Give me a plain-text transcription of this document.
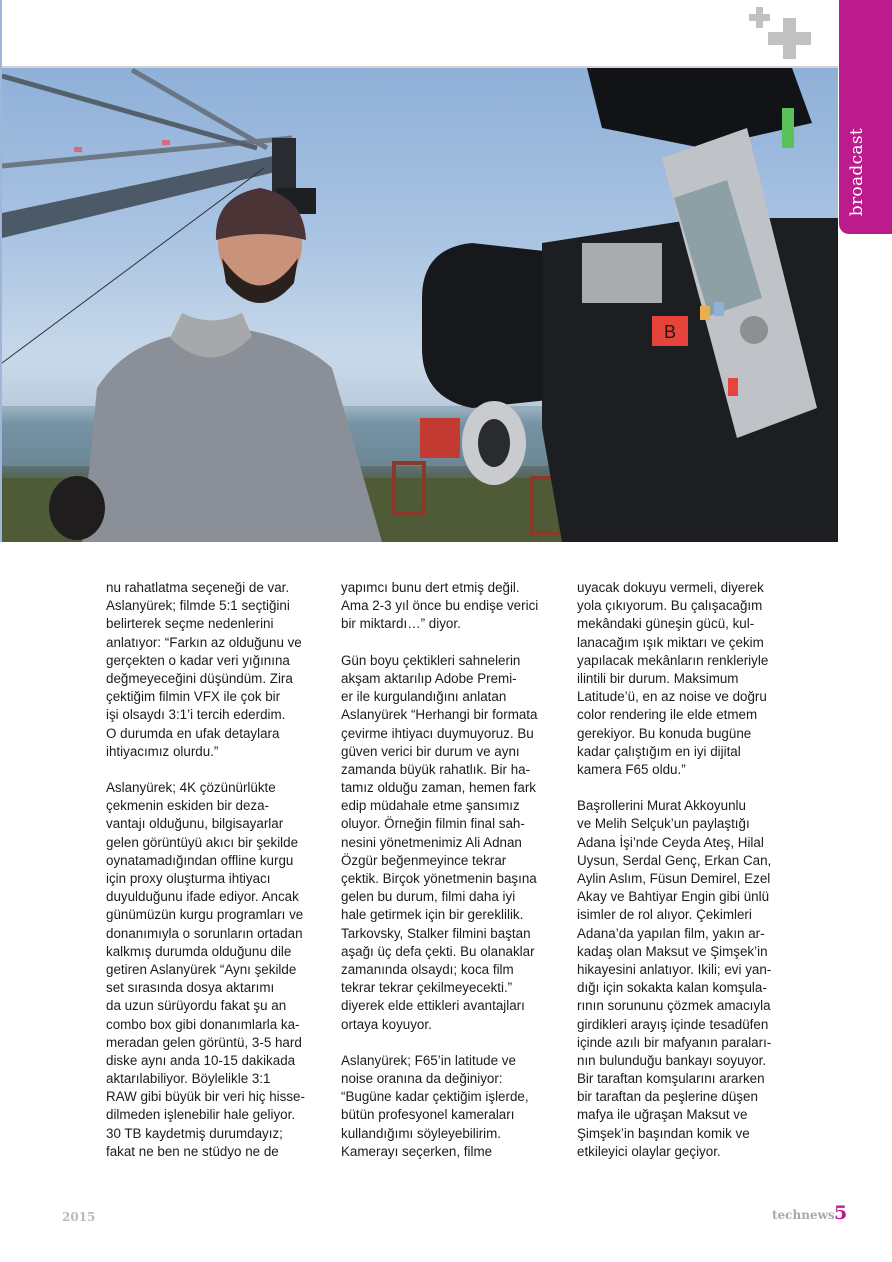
broadcast
B
nu rahatlatma seçeneği de var.
Aslanyürek; filmde 5:1 seçtiğini
belirterek seçme nedenlerini
anlatıyor: “Farkın az olduğunu ve
gerçekten o kadar veri yığınına
değmeyeceğini düşündüm. Zira
çektiğim filmin VFX ile çok bir
işi olsaydı 3:1’i tercih ederdim.
O durumda en ufak detaylara
ihtiyacımız olurdu.”
Aslanyürek; 4K çözünürlükte
çekmenin eskiden bir deza-
vantajı olduğunu, bilgisayarlar
gelen görüntüyü akıcı bir şekilde
oynatamadığından offline kurgu
için proxy oluşturma ihtiyacı
duyulduğunu ifade ediyor. Ancak
günümüzün kurgu programları ve
donanımıyla o sorunların ortadan
kalkmış durumda olduğunu dile
getiren Aslanyürek “Aynı şekilde
set sırasında dosya aktarımı
da uzun sürüyordu fakat şu an
combo box gibi donanımlarla ka-
meradan gelen görüntü, 3-5 hard
diske aynı anda 10-15 dakikada
aktarılabiliyor. Böylelikle 3:1
RAW gibi büyük bir veri hiç hisse-
dilmeden işlenebilir hale geliyor.
30 TB kaydetmiş durumdayız;
fakat ne ben ne stüdyo ne de
yapımcı bunu dert etmiş değil.
Ama 2-3 yıl önce bu endişe verici
bir miktardı…” diyor.
Gün boyu çektikleri sahnelerin
akşam aktarılıp Adobe Premi-
er ile kurgulandığını anlatan
Aslanyürek “Herhangi bir formata
çevirme ihtiyacı duymuyoruz. Bu
güven verici bir durum ve aynı
zamanda büyük rahatlık. Bir ha-
tamız olduğu zaman, hemen fark
edip müdahale etme şansımız
oluyor. Örneğin filmin final sah-
nesini yönetmenimiz Ali Adnan
Özgür beğenmeyince tekrar
çektik. Birçok yönetmenin başına
gelen bu durum, filmi daha iyi
hale getirmek için bir gereklilik.
Tarkovsky, Stalker filmini baştan
aşağı üç defa çekti. Bu olanaklar
zamanında olsaydı; koca film
tekrar tekrar çekilmeyecekti.”
diyerek elde ettikleri avantajları
ortaya koyuyor.
Aslanyürek; F65’in latitude ve
noise oranına da değiniyor:
“Bugüne kadar çektiğim işlerde,
bütün profesyonel kameraları
kullandığımı söyleyebilirim.
Kamerayı seçerken, filme
uyacak dokuyu vermeli, diyerek
yola çıkıyorum. Bu çalışacağım
mekândaki güneşin gücü, kul-
lanacağım ışık miktarı ve çekim
yapılacak mekânların renkleriyle
ilintili bir durum. Maksimum
Latitude’ü, en az noise ve doğru
color rendering ile elde etmem
gerekiyor. Bu konuda bugüne
kadar çalıştığım en iyi dijital
kamera F65 oldu.”
Başrollerini Murat Akkoyunlu
ve Melih Selçuk’un paylaştığı
Adana İşi’nde Ceyda Ateş, Hilal
Uysun, Serdal Genç, Erkan Can,
Aylin Aslım, Füsun Demirel, Ezel
Akay ve Bahtiyar Engin gibi ünlü
isimler de rol alıyor. Çekimleri
Adana’da yapılan film, yakın ar-
kadaş olan Maksut ve Şimşek’in
hikayesini anlatıyor. Ikili; evi yan-
dığı için sokakta kalan komşula-
rının sorununu çözmek amacıyla
girdikleri arayış içinde tesadüfen
içinde azılı bir mafyanın paraları-
nın bulunduğu bankayı soyuyor.
Bir taraftan komşularını ararken
bir taraftan da peşlerine düşen
mafya ile uğraşan Maksut ve
Şimşek’in başından komik ve
etkileyici olaylar geçiyor.
2015	technews 5
